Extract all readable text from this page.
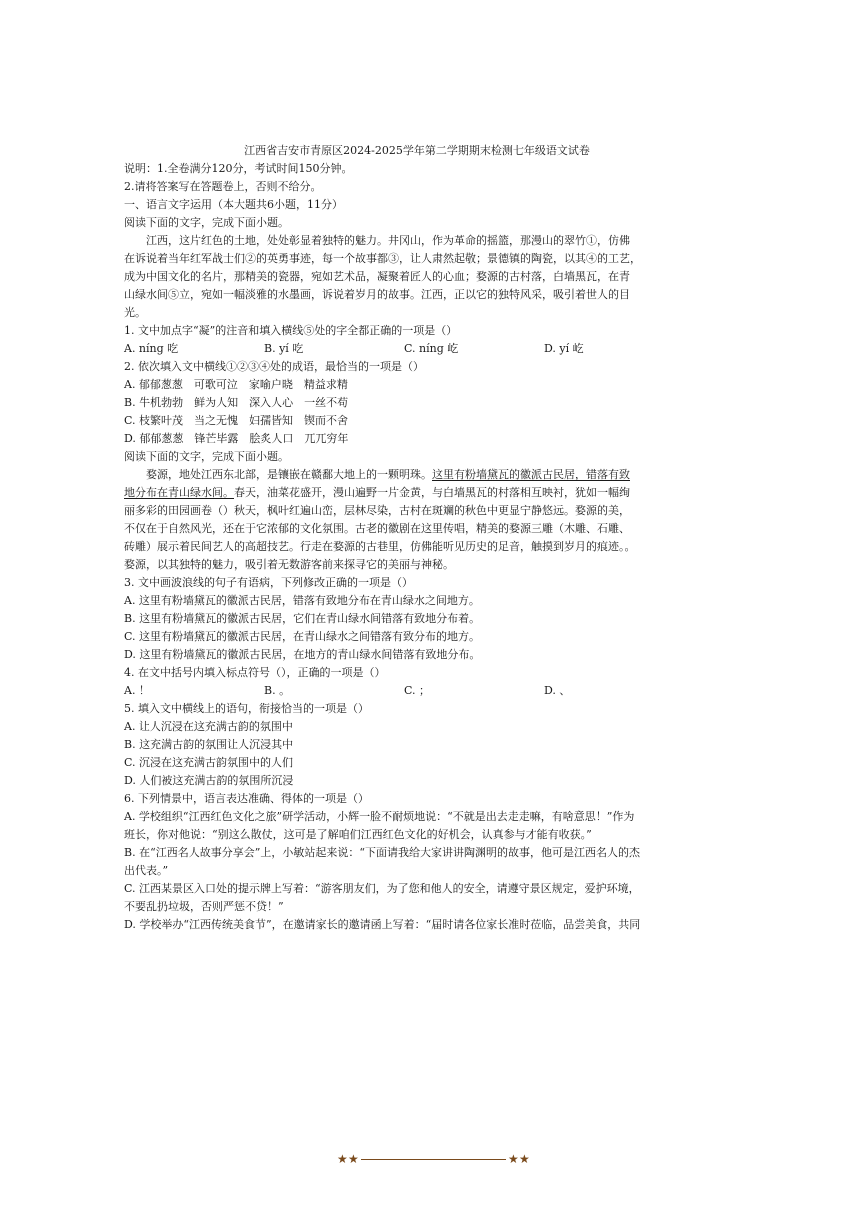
江西省吉安市青原区2024-2025学年第二学期期末检测七年级语文试卷
说明：1.全卷满分120分，考试时间150分钟。
2.请将答案写在答题卷上，否则不给分。
一、语言文字运用（本大题共6小题，11分）
阅读下面的文字，完成下面小题。
江西，这片红色的土地，处处彰显着独特的魅力。井冈山，作为革命的摇篮，那漫山的翠竹①，仿佛
在诉说着当年红军战士们②的英勇事迹，每一个故事都③，让人肃然起敬；景德镇的陶瓷，以其④的工艺，
成为中国文化的名片，那精美的瓷器，宛如艺术品，凝聚着匠人的心血；婺源的古村落，白墙黑瓦，在青
山绿水间⑤立，宛如一幅淡雅的水墨画，诉说着岁月的故事。江西，正以它的独特风采，吸引着世人的目
光。
1. 文中加点字“凝”的注音和填入横线⑤处的字全都正确的一项是（）
A. níng 吃	B. yí 吃	C. níng 屹	D. yí 屹
2. 依次填入文中横线①②③④处的成语，最恰当的一项是（）
A. 郁郁葱葱　可歌可泣　家喻户晓　精益求精
B. 牛机勃勃　鲜为人知　深入人心　一丝不苟
C. 枝繁叶茂　当之无愧　妇孺皆知　锲而不舍
D. 郁郁葱葱　锋芒毕露　脍炙人口　兀兀穷年
阅读下面的文字，完成下面小题。
婺源，地处江西东北部，是镶嵌在赣鄱大地上的一颗明珠。这里有粉墙黛瓦的徽派古民居，错落有致
地分布在青山绿水间。春天，油菜花盛开，漫山遍野一片金黄，与白墙黑瓦的村落相互映衬，犹如一幅绚
丽多彩的田园画卷（）秋天，枫叶红遍山峦，层林尽染，古村在斑斓的秋色中更显宁静悠远。婺源的美，
不仅在于自然风光，还在于它浓郁的文化氛围。古老的徽剧在这里传唱，精美的婺源三雕（木雕、石雕、
砖雕）展示着民间艺人的高超技艺。行走在婺源的古巷里，仿佛能听见历史的足音，触摸到岁月的痕迹。。
婺源，以其独特的魅力，吸引着无数游客前来探寻它的美丽与神秘。
3. 文中画波浪线的句子有语病，下列修改正确的一项是（）
A. 这里有粉墙黛瓦的徽派古民居，错落有致地分布在青山绿水之间地方。
B. 这里有粉墙黛瓦的徽派古民居，它们在青山绿水间错落有致地分布着。
C. 这里有粉墙黛瓦的徽派古民居，在青山绿水之间错落有致分布的地方。
D. 这里有粉墙黛瓦的徽派古民居，在地方的青山绿水间错落有致地分布。
4. 在文中括号内填入标点符号（），正确的一项是（）
A. ！	B. 。	C. ；	D. 、
5. 填入文中横线上的语句，衔接恰当的一项是（）
A. 让人沉浸在这充满古韵的氛围中
B. 这充满古韵的氛围让人沉浸其中
C. 沉浸在这充满古韵氛围中的人们
D. 人们被这充满古韵的氛围所沉浸
6. 下列情景中，语言表达准确、得体的一项是（）
A. 学校组织“江西红色文化之旅”研学活动，小辉一脸不耐烦地说：“不就是出去走走嘛，有啥意思！”作为
班长，你对他说：“别这么散仗，这可是了解咱们江西红色文化的好机会，认真参与才能有收获。”
B. 在“江西名人故事分享会”上，小敏站起来说：“下面请我给大家讲讲陶渊明的故事，他可是江西名人的杰
出代表。”
C. 江西某景区入口处的提示牌上写着：“游客朋友们，为了您和他人的安全，请遵守景区规定，爱护环境，
不要乱扔垃圾，否则严惩不贷！”
D. 学校举办“江西传统美食节”，在邀请家长的邀请函上写着：“届时请各位家长准时莅临，品尝美食，共同
★ ★	★ ★
